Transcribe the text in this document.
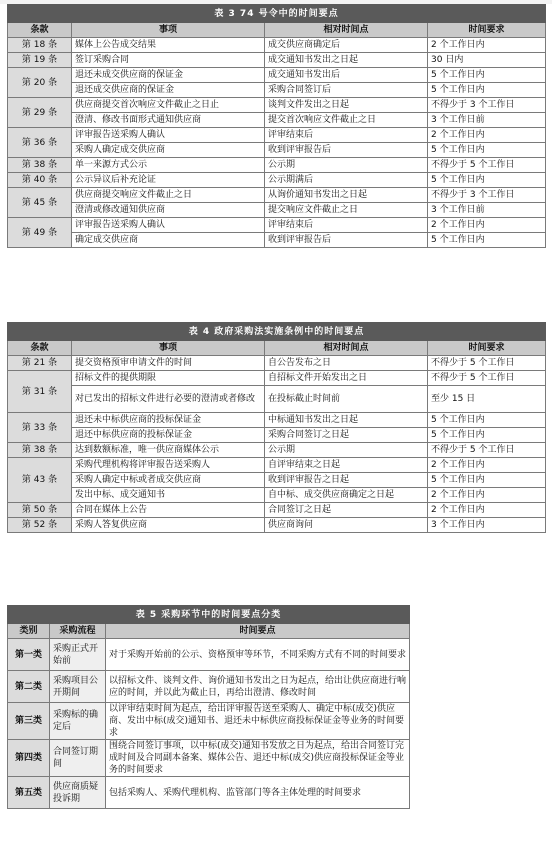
表 3 74 号令中的时间要点			
条款	事项	相对时间点	时间要求
第 18 条	媒体上公告成交结果	成交供应商确定后	2 个工作日内
第 19 条	签订采购合同	成交通知书发出之日起	30 日内
第 20 条	退还未成交供应商的保证金	成交通知书发出后	5 个工作日内
	退还成交供应商的保证金	采购合同签订后	5 个工作日内
第 29 条	供应商提交首次响应文件截止之日止	谈判文件发出之日起	不得少于 3 个工作日
	澄清、修改书面形式通知供应商	提交首次响应文件截止之日	3 个工作日前
第 36 条	评审报告送采购人确认	评审结束后	2 个工作日内
	采购人确定成交供应商	收到评审报告后	5 个工作日内
第 38 条	单一来源方式公示	公示期	不得少于 5 个工作日
第 40 条	公示异议后补充论证	公示期满后	5 个工作日内
第 45 条	供应商提交响应文件截止之日	从询价通知书发出之日起	不得少于 3 个工作日
	澄清或修改通知供应商	提交响应文件截止之日	3 个工作日前
第 49 条	评审报告送采购人确认	评审结束后	2 个工作日内
	确定成交供应商	收到评审报告后	5 个工作日内
表 4 政府采购法实施条例中的时间要点			
条款	事项	相对时间点	时间要求
第 21 条	提交资格预审申请文件的时间	自公告发布之日	不得少于 5 个工作日
第 31 条	招标文件的提供期限	自招标文件开始发出之日	不得少于 5 个工作日
	对已发出的招标文件进行必要的澄清或者修改	在投标截止时间前	至少 15 日
第 33 条	退还未中标供应商的投标保证金	中标通知书发出之日起	5 个工作日内
	退还中标供应商的投标保证金	采购合同签订之日起	5 个工作日内
第 38 条	达到数额标准，唯一供应商媒体公示	公示期	不得少于 5 个工作日
第 43 条	采购代理机构将评审报告送采购人	自评审结束之日起	2 个工作日内
	采购人确定中标或者成交供应商	收到评审报告之日起	5 个工作日内
	发出中标、成交通知书	自中标、成交供应商确定之日起	2 个工作日内
第 50 条	合同在媒体上公告	合同签订之日起	2 个工作日内
第 52 条	采购人答复供应商	供应商询问	3 个工作日内
表 5 采购环节中的时间要点分类		
类别	采购流程	时间要点
第一类	采购正式开始前	对于采购开始前的公示、资格预审等环节，不同采购方式有不同的时间要求
第二类	采购项目公开期间	以招标文件、谈判文件、询价通知书发出之日为起点，给出让供应商进行响应的时间，并以此为截止日，再给出澄清、修改时间
第三类	采购标的确定后	以评审结束时间为起点，给出评审报告送至采购人、确定中标(成交)供应商、发出中标(成交)通知书、退还未中标供应商投标保证金等业务的时间要求
第四类	合同签订期间	围绕合同签订事项，以中标(成交)通知书发放之日为起点，给出合同签订完成时间及合同副本备案、媒体公告、退还中标(成交)供应商投标保证金等业务的时间要求
第五类	供应商质疑投诉期	包括采购人、采购代理机构、监管部门等各主体处理的时间要求
